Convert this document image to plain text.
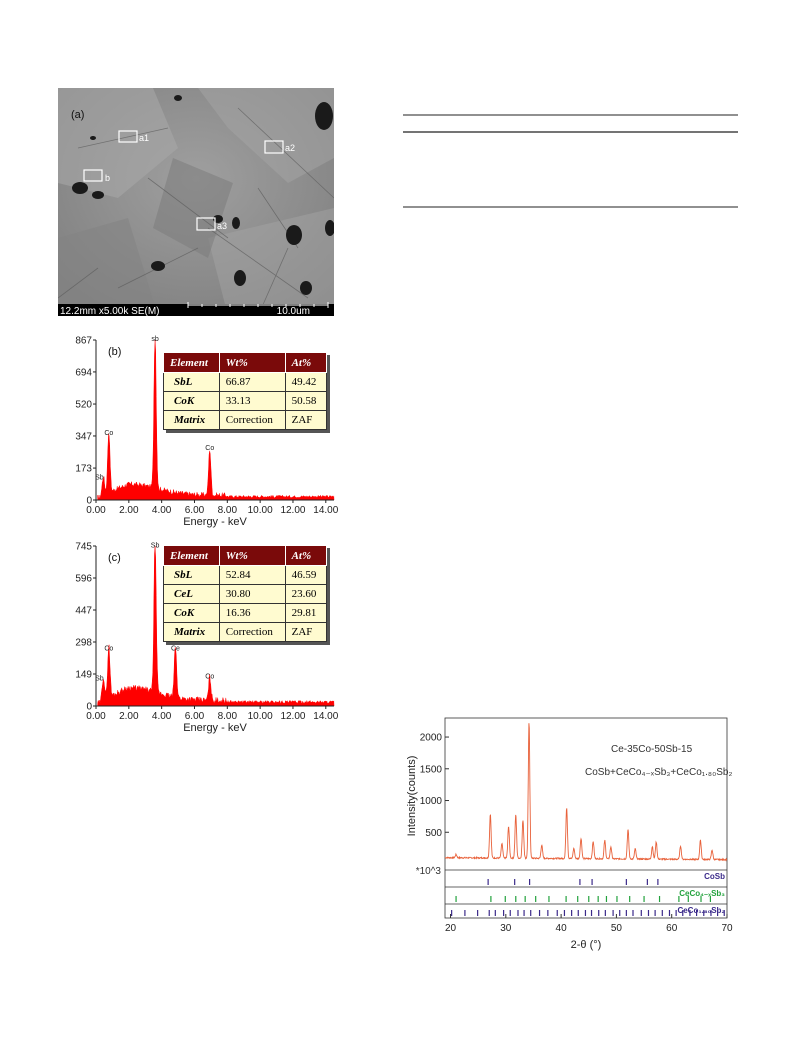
(a)
a1
a2
b
a3
12.2mm x5.00k SE(M)	10.0um
0
173
347
520
694
867
0.00 2.00 4.00 6.00 8.00 10.00 12.00 14.00
Energy - keV
(b)
Sb
Co
sb
Co
Element	Wt%	At%
SbL	66.87	49.42
CoK	33.13	50.58
Matrix	Correction	ZAF
0
149
298
447
596
745
0.00 2.00 4.00 6.00 8.00 10.00 12.00 14.00
Energy - keV
(c)
Sb
Co
Sb
Ce
Co
Element	Wt%	At%
SbL	52.84	46.59
CeL	30.80	23.60
CoK	16.36	29.81
Matrix	Correction	ZAF
500
1000
1500
2000
Intensity(counts)
*10^3	CoSb
CeCo₄₋ₓSb₃
CeCo₁.₈₀Sb₂
20	30	40	50	60	70
2-θ (°)
Ce-35Co-50Sb-15
CoSb+CeCo₄₋ₓSb₃+CeCo₁.₈₀Sb₂
